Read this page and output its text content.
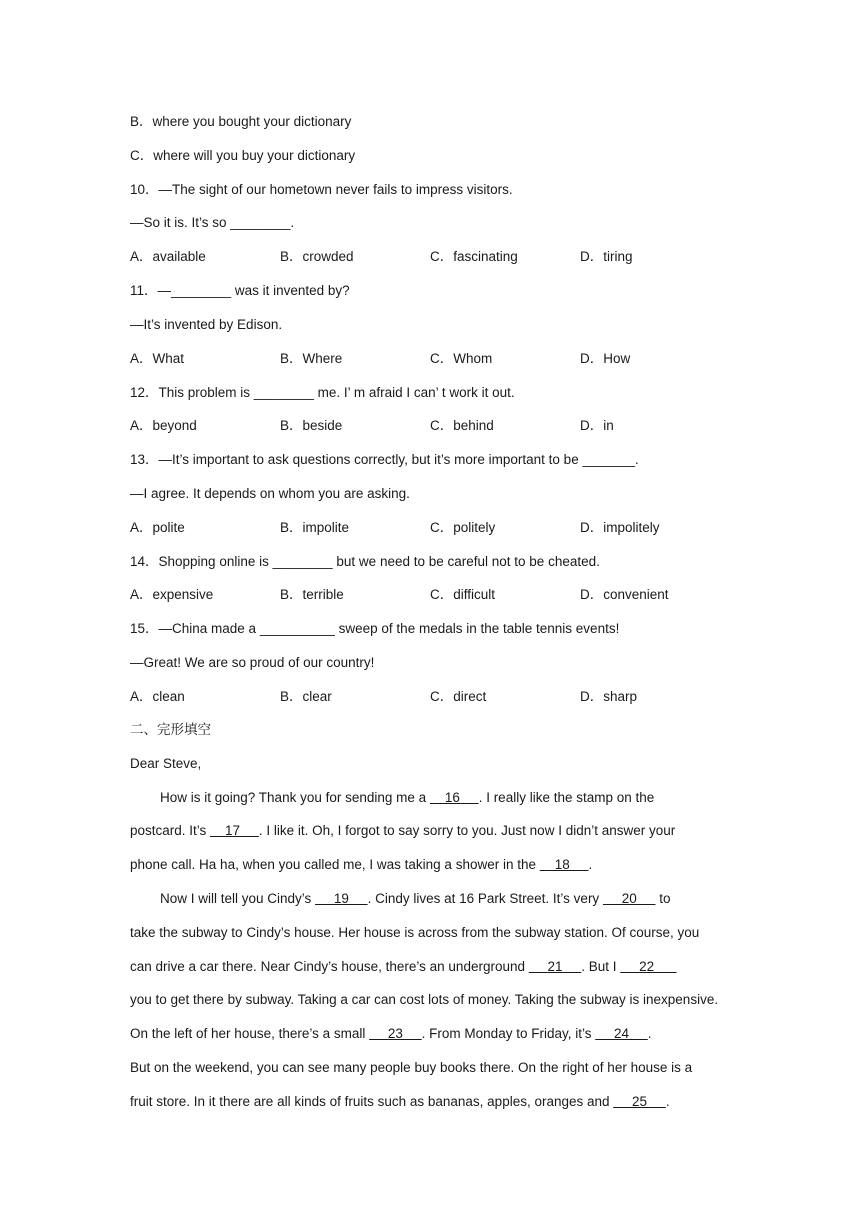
B．where you bought your dictionary
C．where will you buy your dictionary
10．—The sight of our hometown never fails to impress visitors.
—So it is. It’s so ________.
A．available	B．crowded	C．fascinating	D．tiring
11．—________ was it invented by?
—It’s invented by Edison.
A．What	B．Where	C．Whom	D．How
12．This problem is ________ me. I’ m afraid I can’ t work it out.
A．beyond	B．beside	C．behind	D．in
13．—It’s important to ask questions correctly, but it’s more important to be _______.
—I agree. It depends on whom you are asking.
A．polite	B．impolite	C．politely	D．impolitely
14．Shopping online is ________ but we need to be careful not to be cheated.
A．expensive	B．terrible	C．difficult	D．convenient
15．—China made a __________ sweep of the medals in the table tennis events!
—Great! We are so proud of our country!
A．clean	B．clear	C．direct	D．sharp
二、完形填空
Dear Steve,
How is it going? Thank you for sending me a     16     . I really like the stamp on the
postcard. It’s     17     . I like it. Oh, I forgot to say sorry to you. Just now I didn’t answer your
phone call. Ha ha, when you called me, I was taking a shower in the     18     .
Now I will tell you Cindy’s      19     . Cindy lives at 16 Park Street. It’s very      20      to
take the subway to Cindy’s house. Her house is across from the subway station. Of course, you
can drive a car there. Near Cindy’s house, there’s an underground      21     . But I      22
you to get there by subway. Taking a car can cost lots of money. Taking the subway is inexpensive.
On the left of her house, there’s a small      23     . From Monday to Friday, it’s      24     .
But on the weekend, you can see many people buy books there. On the right of her house is a
fruit store. In it there are all kinds of fruits such as bananas, apples, oranges and      25     .
